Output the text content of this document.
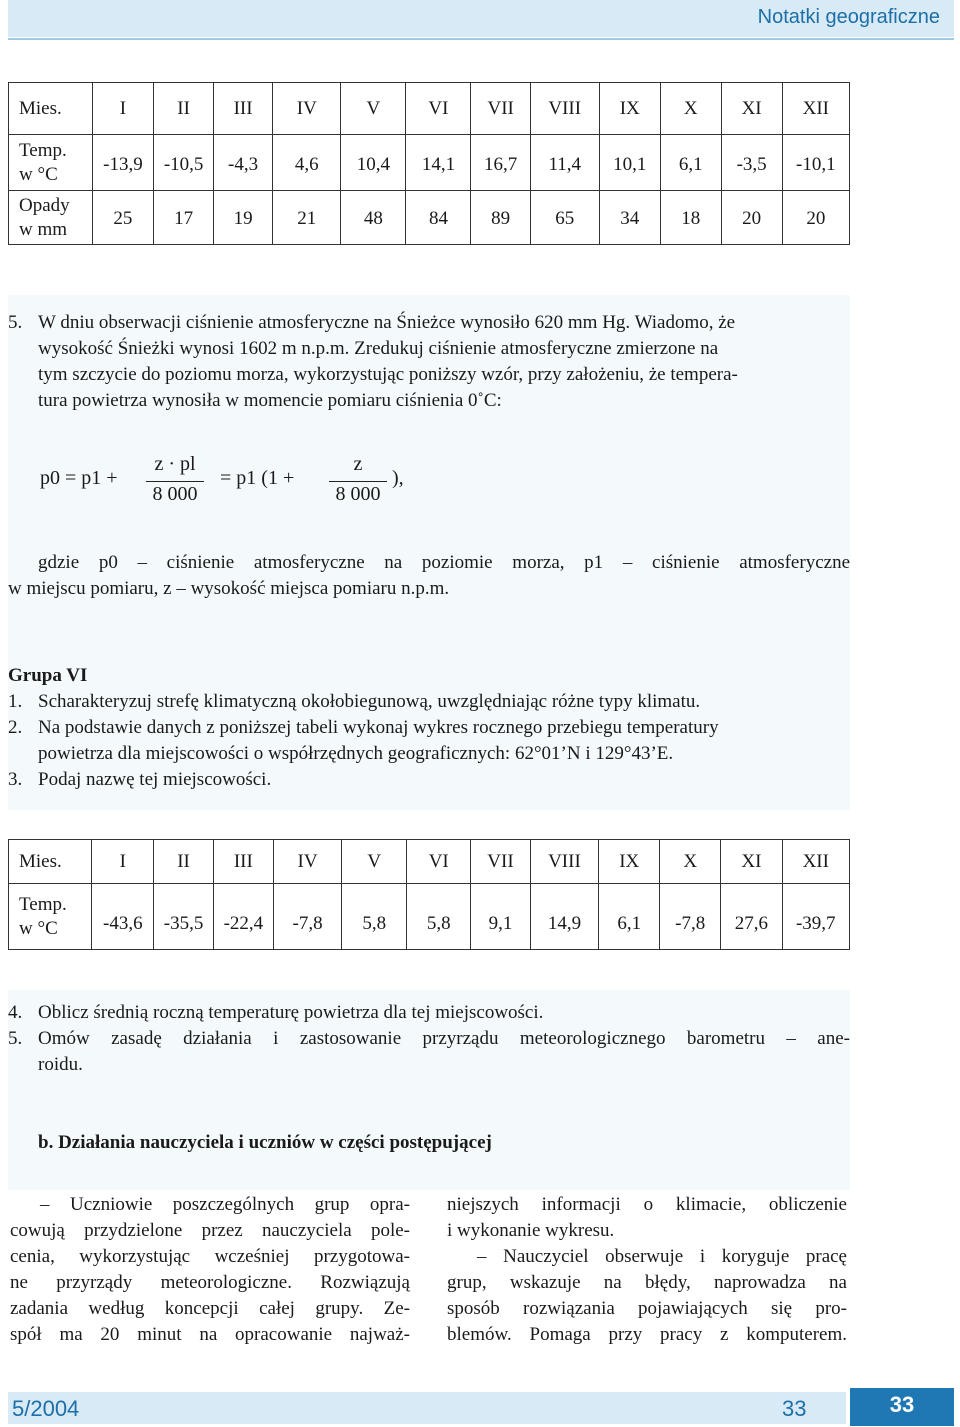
Notatki geograficzne
Mies.	I	II	III	IV	V	VI	VII	VIII	IX	X	XI	XII

Temp.
w °C	-13,9	-10,5	-4,3	4,6	10,4	14,1	16,7	11,4	10,1	6,1	-3,5	-10,1

Opady
w mm	25	17	19	21	48	84	89	65	34	18	20	20
5. W dniu obserwacji ciśnienie atmosferyczne na Śnieżce wynosiło 620 mm Hg. Wiadomo, że
wysokość Śnieżki wynosi 1602 m n.p.m. Zredukuj ciśnienie atmosferyczne zmierzone na
tym szczycie do poziomu morza, wykorzystując poniższy wzór, przy założeniu, że tempera-
tura powietrza wynosiła w momencie pomiaru ciśnienia 0˚C:
p0 = p1 +
z · pl
8 000
= p1 (1 +
z
8 000
),
gdzie p0 – ciśnienie atmosferyczne na poziomie morza, p1 – ciśnienie atmosferyczne
w miejscu pomiaru, z – wysokość miejsca pomiaru n.p.m.
Grupa VI
1. Scharakteryzuj strefę klimatyczną okołobiegunową, uwzględniając różne typy klimatu.
2. Na podstawie danych z poniższej tabeli wykonaj wykres rocznego przebiegu temperatury
powietrza dla miejscowości o współrzędnych geograficznych: 62°01’N i 129°43’E.
3. Podaj nazwę tej miejscowości.
Mies.	I	II	III	IV	V	VI	VII	VIII	IX	X	XI	XII

Temp.
w °C	-43,6	-35,5	-22,4	-7,8	5,8	5,8	9,1	14,9	6,1	-7,8	27,6	-39,7
4. Oblicz średnią roczną temperaturę powietrza dla tej miejscowości.
5. Omów zasadę działania i zastosowanie przyrządu meteorologicznego barometru – ane-
roidu.
b. Działania nauczyciela i uczniów w części postępującej

– Uczniowie poszczególnych grup opra-

cowują przydzielone przez nauczyciela pole-

cenia, wykorzystując wcześniej przygotowa-

ne przyrządy meteorologiczne. Rozwiązują

zadania według koncepcji całej grupy. Ze-

spół ma 20 minut na opracowanie najważ-

niejszych informacji o klimacie, obliczenie

i wykonanie wykresu.

– Nauczyciel obserwuje i koryguje pracę

grup, wskazuje na błędy, naprowadza na

sposób rozwiązania pojawiających się pro-

blemów. Pomaga przy pracy z komputerem.

5/2004	33	33
